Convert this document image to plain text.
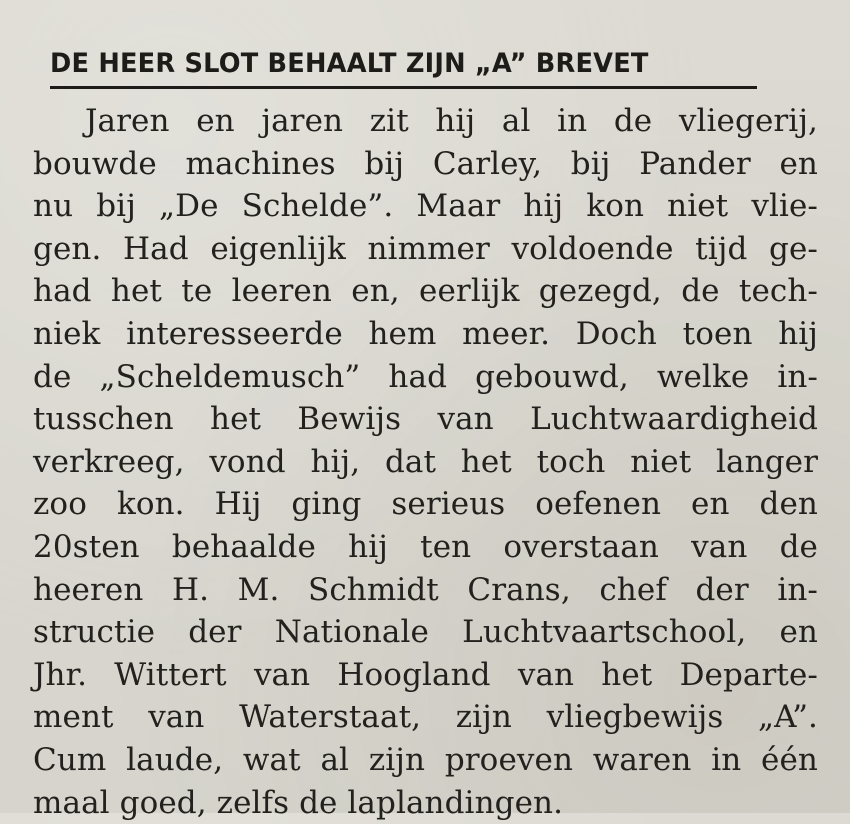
DE HEER SLOT BEHAALT ZIJN „A” BREVET
Jaren en jaren zit hij al in de vliegerij,
bouwde machines bij Carley, bij Pander en
nu bij „De Schelde”. Maar hij kon niet vlie-
gen. Had eigenlijk nimmer voldoende tijd ge-
had het te leeren en, eerlijk gezegd, de tech-
niek interesseerde hem meer. Doch toen hij
de „Scheldemusch” had gebouwd, welke in-
tusschen het Bewijs van Luchtwaardigheid
verkreeg, vond hij, dat het toch niet langer
zoo kon. Hij ging serieus oefenen en den
20sten behaalde hij ten overstaan van de
heeren H. M. Schmidt Crans, chef der in-
structie der Nationale Luchtvaartschool, en
Jhr. Wittert van Hoogland van het Departe-
ment van Waterstaat, zijn vliegbewijs „A”.
Cum laude, wat al zijn proeven waren in één
maal goed, zelfs de laplandingen.
